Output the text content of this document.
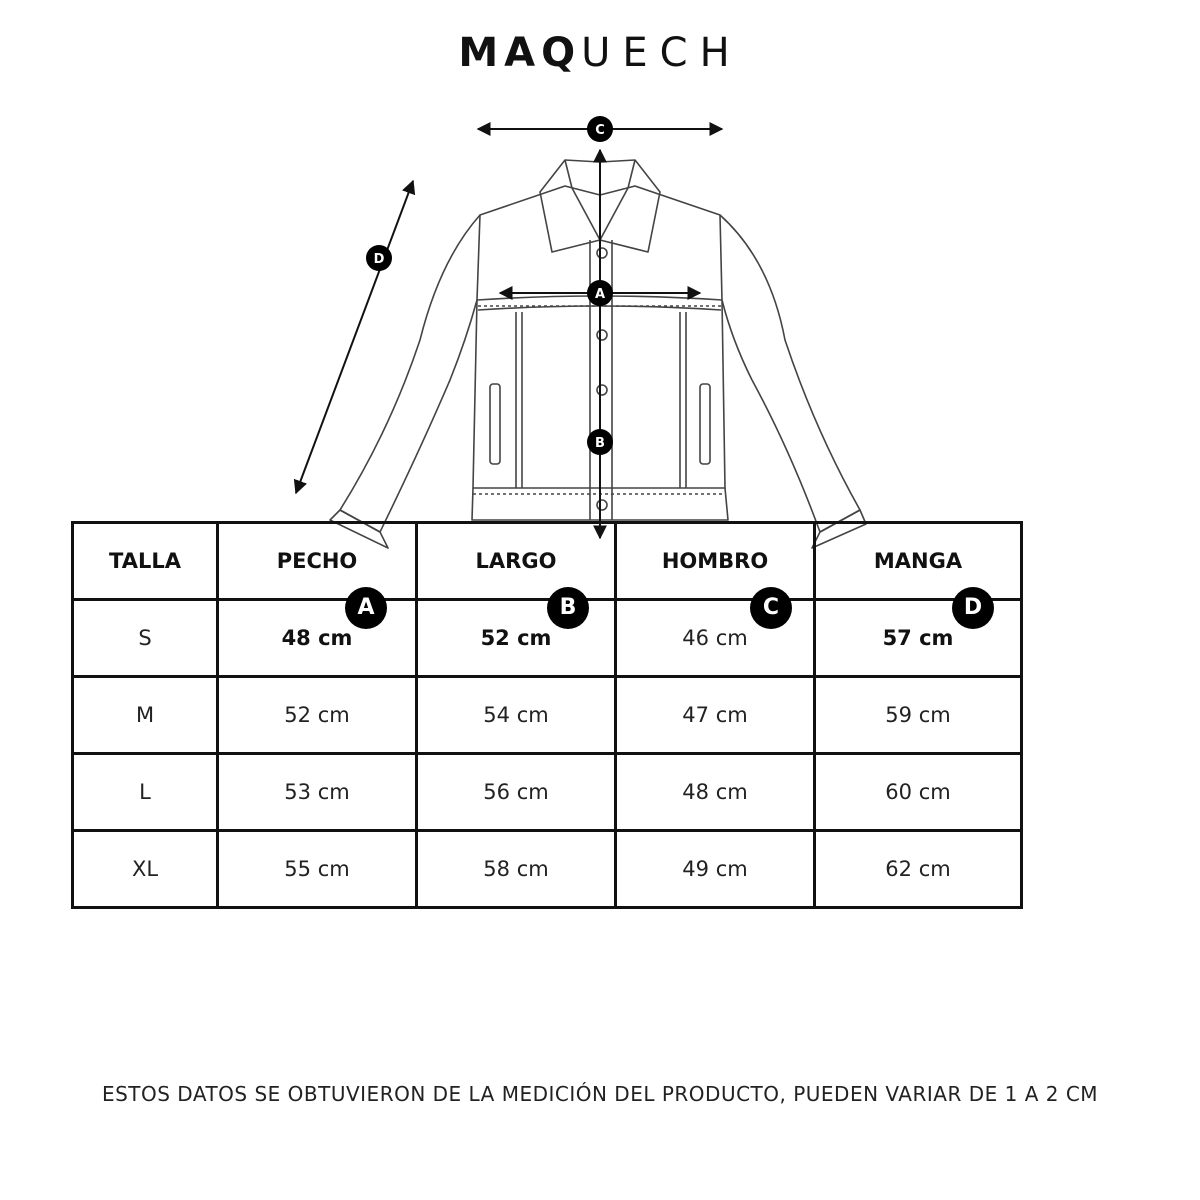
MAQUECH
C
D
A
B
TALLA	PECHO	LARGO	HOMBRO	MANGA
S	48 cm	52 cm	46 cm	57 cm
M	52 cm	54 cm	47 cm	59 cm
L	53 cm	56 cm	48 cm	60 cm
XL	55 cm	58 cm	49 cm	62 cm
A	B	C	D
ESTOS DATOS SE OBTUVIERON DE LA MEDICIÓN DEL PRODUCTO, PUEDEN VARIAR DE 1 A 2 CM
